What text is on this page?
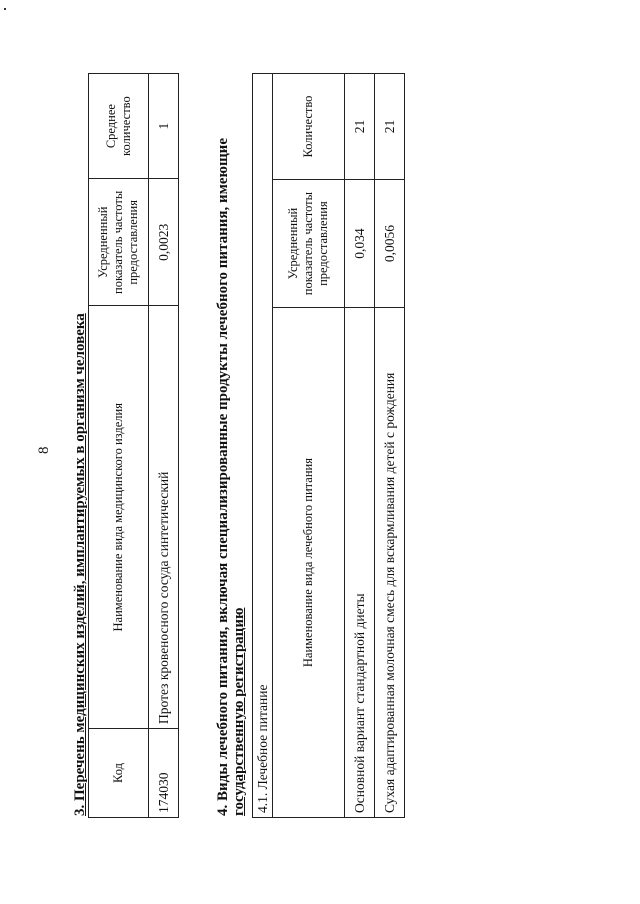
8 3. Перечень медицинских изделий, имплантируемых в организм человека Код	Наименование вида медицинского изделия	Усредненный показатель частоты предоставления	Среднее количество
174030	Протез кровеносного сосуда синтетический	0,0023	1
4. Виды лечебного питания, включая специализированные продукты лечебного питания, имеющие государственную регистрацию 4.1. Лечебное питание		
Наименование вида лечебного питания	Усредненный показатель частоты предоставления	Количество
Основной вариант стандартной диеты	0,034	21
Сухая адаптированная молочная смесь для вскармливания детей с рождения	0,0056	21
